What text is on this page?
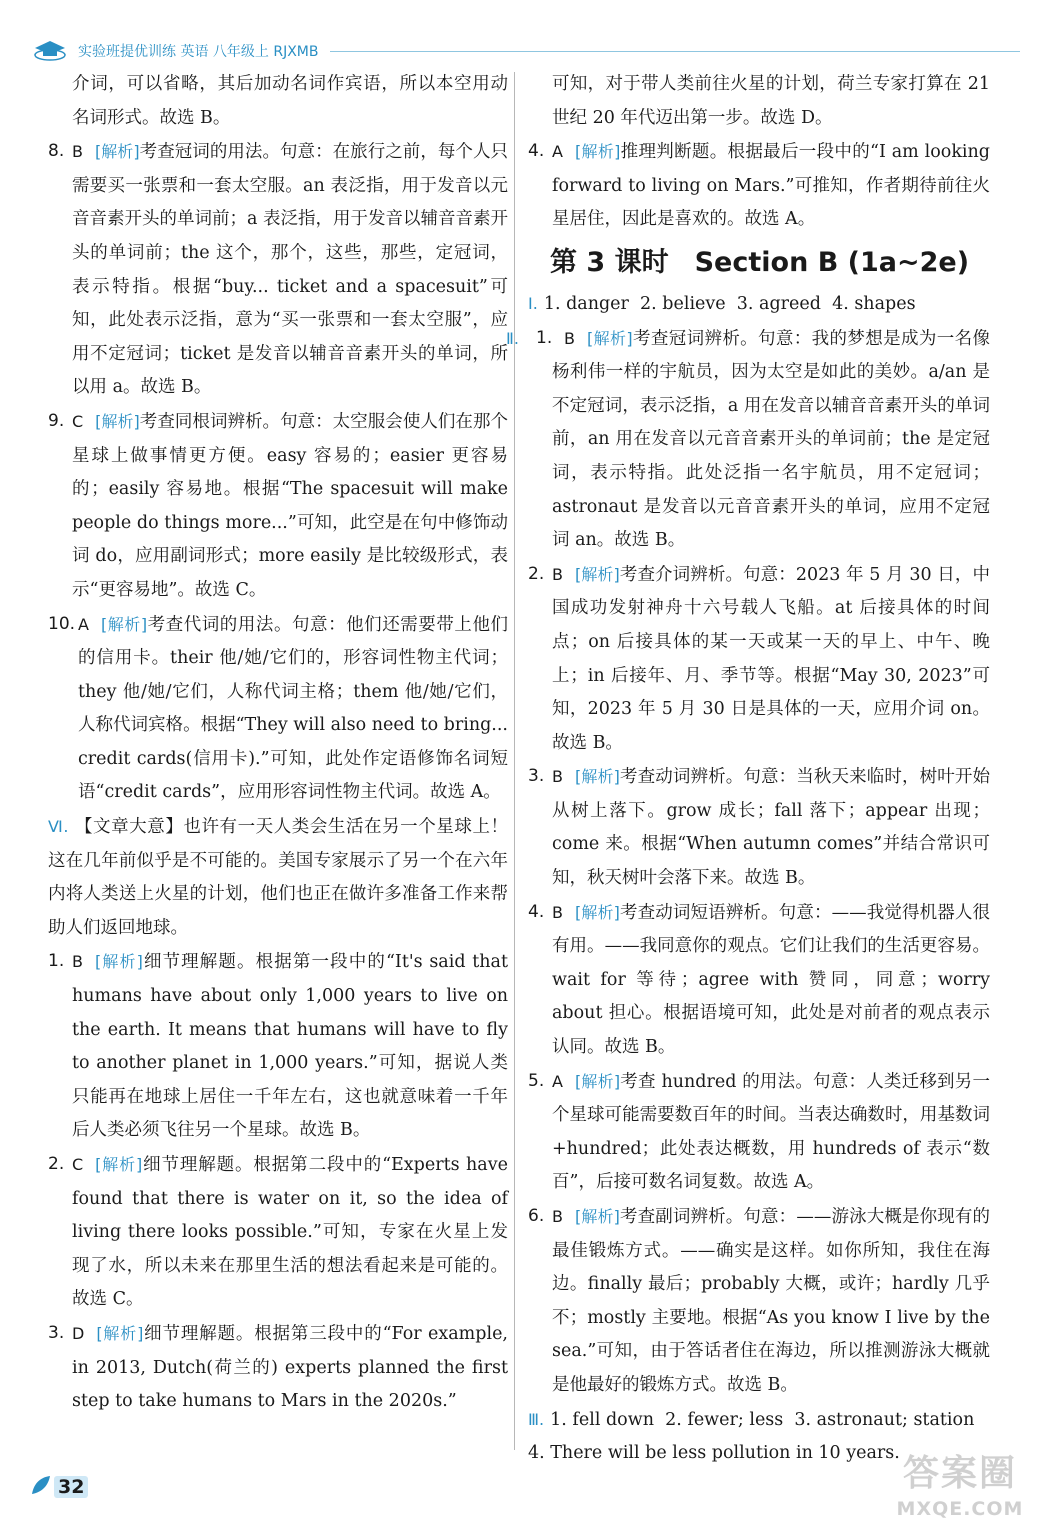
实验班提优训练 英语 八年级上 RJXMB

介词，可以省略，其后加动名词作宾语，所以本空用动名词形式。故选 B。

8. B [解析]考查冠词的用法。句意：在旅行之前，每个人只需要买一张票和一套太空服。an 表泛指，用于发音以元音音素开头的单词前；a 表泛指，用于发音以辅音音素开头的单词前；the 这个，那个，这些，那些，定冠词，表示特指。根据“buy... ticket and a spacesuit”可知，此处表示泛指，意为“买一张票和一套太空服”，应用不定冠词；ticket 是发音以辅音音素开头的单词，所以用 a。故选 B。

9. C [解析]考查同根词辨析。句意：太空服会使人们在那个星球上做事情更方便。easy 容易的；easier 更容易的；easily 容易地。根据“The spacesuit will make people do things more...”可知，此空是在句中修饰动词 do，应用副词形式；more easily 是比较级形式，表示“更容易地”。故选 C。

10. A [解析]考查代词的用法。句意：他们还需要带上他们的信用卡。their 他/她/它们的，形容词性物主代词；they 他/她/它们，人称代词主格；them 他/她/它们，人称代词宾格。根据“They will also need to bring... credit cards(信用卡).”可知，此处作定语修饰名词短语“credit cards”，应用形容词性物主代词。故选 A。

Ⅵ. 【文章大意】也许有一天人类会生活在另一个星球上！这在几年前似乎是不可能的。美国专家展示了另一个在六年内将人类送上火星的计划，他们也正在做许多准备工作来帮助人们返回地球。

1. B [解析]细节理解题。根据第一段中的“It's said that humans have about only 1,000 years to live on the earth. It means that humans will have to fly to another planet in 1,000 years.”可知，据说人类只能再在地球上居住一千年左右，这也就意味着一千年后人类必须飞往另一个星球。故选 B。

2. C [解析]细节理解题。根据第二段中的“Experts have found that there is water on it, so the idea of living there looks possible.”可知，专家在火星上发现了水，所以未来在那里生活的想法看起来是可能的。故选 C。

3. D [解析]细节理解题。根据第三段中的“For example, in 2013, Dutch(荷兰的) experts planned the first step to take humans to Mars in the 2020s.”

可知，对于带人类前往火星的计划，荷兰专家打算在 21 世纪 20 年代迈出第一步。故选 D。

4. A [解析]推理判断题。根据最后一段中的“I am looking forward to living on Mars.”可推知，作者期待前往火星居住，因此是喜欢的。故选 A。

第 3 课时 Section B (1a~2e)

Ⅰ. 1. danger  2. believe  3. agreed  4. shapes

Ⅱ.	1. B [解析]考查冠词辨析。句意：我的梦想是成为一名像杨利伟一样的宇航员，因为太空是如此的美妙。a/an 是不定冠词，表示泛指，a 用在发音以辅音音素开头的单词前，an 用在发音以元音音素开头的单词前；the 是定冠词，表示特指。此处泛指一名宇航员，用不定冠词；astronaut 是发音以元音音素开头的单词，应用不定冠词 an。故选 B。

2. B [解析]考查介词辨析。句意：2023 年 5 月 30 日，中国成功发射神舟十六号载人飞船。at 后接具体的时间点；on 后接具体的某一天或某一天的早上、中午、晚上；in 后接年、月、季节等。根据“May 30, 2023”可知，2023 年 5 月 30 日是具体的一天，应用介词 on。故选 B。

3. B [解析]考查动词辨析。句意：当秋天来临时，树叶开始从树上落下。grow 成长；fall 落下；appear 出现；come 来。根据“When autumn comes”并结合常识可知，秋天树叶会落下来。故选 B。

4. B [解析]考查动词短语辨析。句意：——我觉得机器人很有用。——我同意你的观点。它们让我们的生活更容易。wait for 等待；agree with 赞同，同意；worry about 担心。根据语境可知，此处是对前者的观点表示认同。故选 B。

5. A [解析]考查 hundred 的用法。句意：人类迁移到另一个星球可能需要数百年的时间。当表达确数时，用基数词+hundred；此处表达概数，用 hundreds of 表示“数百”，后接可数名词复数。故选 A。

6. B [解析]考查副词辨析。句意：——游泳大概是你现有的最佳锻炼方式。——确实是这样。如你所知，我住在海边。finally 最后；probably 大概，或许；hardly 几乎不；mostly 主要地。根据“As you know I live by the sea.”可知，由于答话者住在海边，所以推测游泳大概就是他最好的锻炼方式。故选 B。

Ⅲ. 1. fell down  2. fewer; less  3. astronaut; station

4. There will be less pollution in 10 years.

32	答案圈
MXQE.COM
